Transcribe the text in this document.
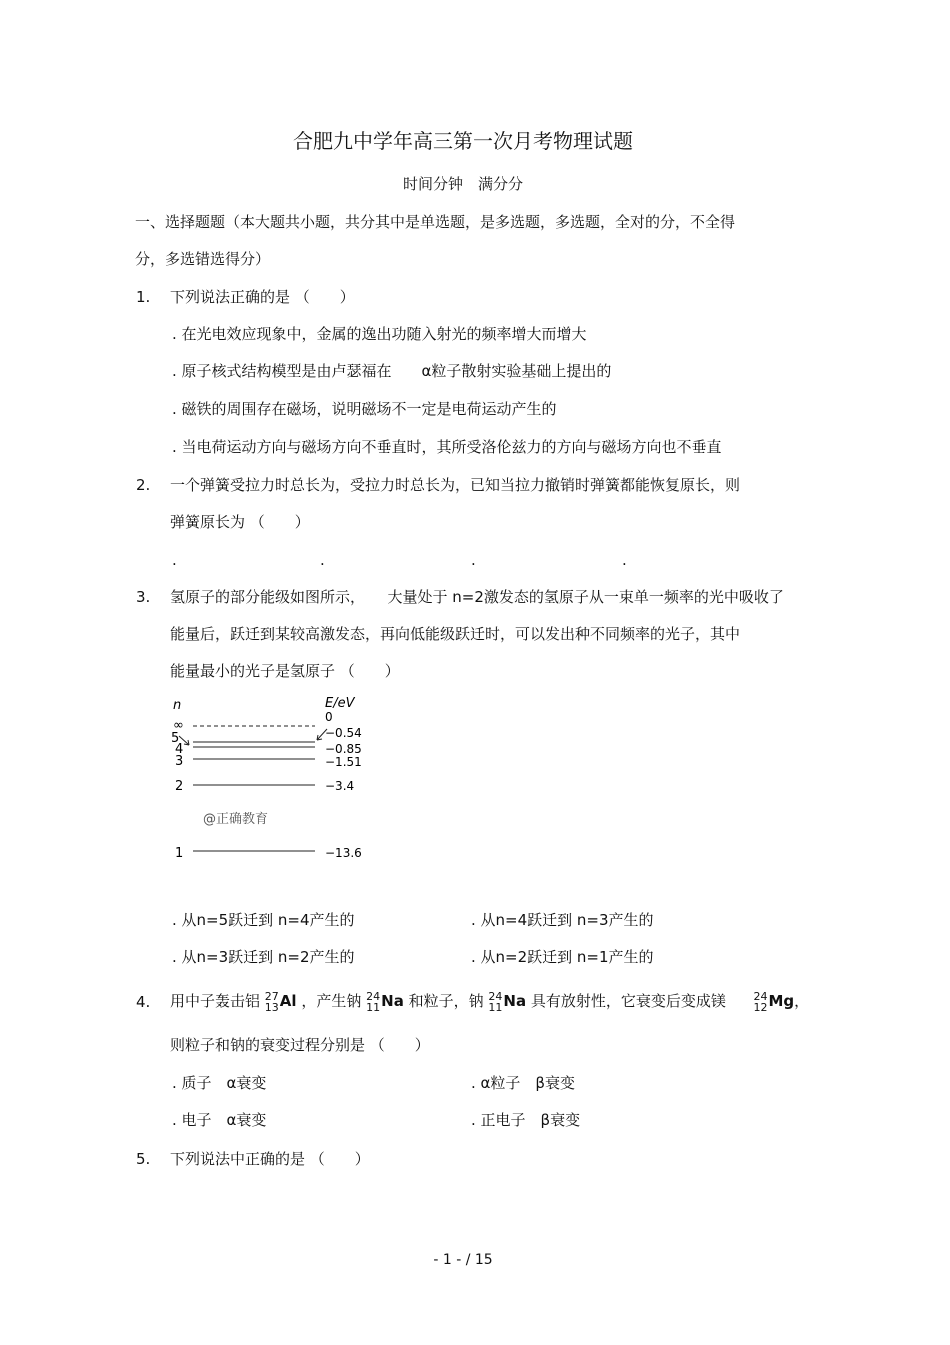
合肥九中学年高三第一次月考物理试题
时间分钟　满分分
一、选择题题（本大题共小题，共分其中是单选题，是多选题，多选题，全对的分，不全得
分，多选错选得分）
1.	下列说法正确的是 （　　）
. 在光电效应现象中，金属的逸出功随入射光的频率增大而增大
. 原子核式结构模型是由卢瑟福在　　α粒子散射实验基础上提出的
. 磁铁的周围存在磁场，说明磁场不一定是电荷运动产生的
. 当电荷运动方向与磁场方向不垂直时，其所受洛伦兹力的方向与磁场方向也不垂直
2.	一个弹簧受拉力时总长为，受拉力时总长为，已知当拉力撤销时弹簧都能恢复原长，则
弹簧原长为 （　　）
.	.	.	.
3.	氢原子的部分能级如图所示，　　大量处于 n=2激发态的氢原子从一束单一频率的光中吸收了
能量后，跃迁到某较高激发态，再向低能级跃迁时，可以发出种不同频率的光子，其中
能量最小的光子是氢原子 （　　）
n	E/eV
∞
0
5	−0.54
4	−0.85
3	−1.51
2	−3.4
@正确教育
1	−13.6
. 从n=5跃迁到 n=4产生的	. 从n=4跃迁到 n=3产生的
. 从n=3跃迁到 n=2产生的	. 从n=2跃迁到 n=1产生的
4.	用中子轰击铝 27
13 Al ，产生钠 24
11 Na 和粒子，钠 24
11 Na 具有放射性，它衰变后变成镁	24
12 Mg，
则粒子和钠的衰变过程分别是 （　　）
. 质子　α衰变	. α粒子　β衰变
. 电子　α衰变	. 正电子　β衰变
5.	下列说法中正确的是 （　　）
- 1 - / 15
